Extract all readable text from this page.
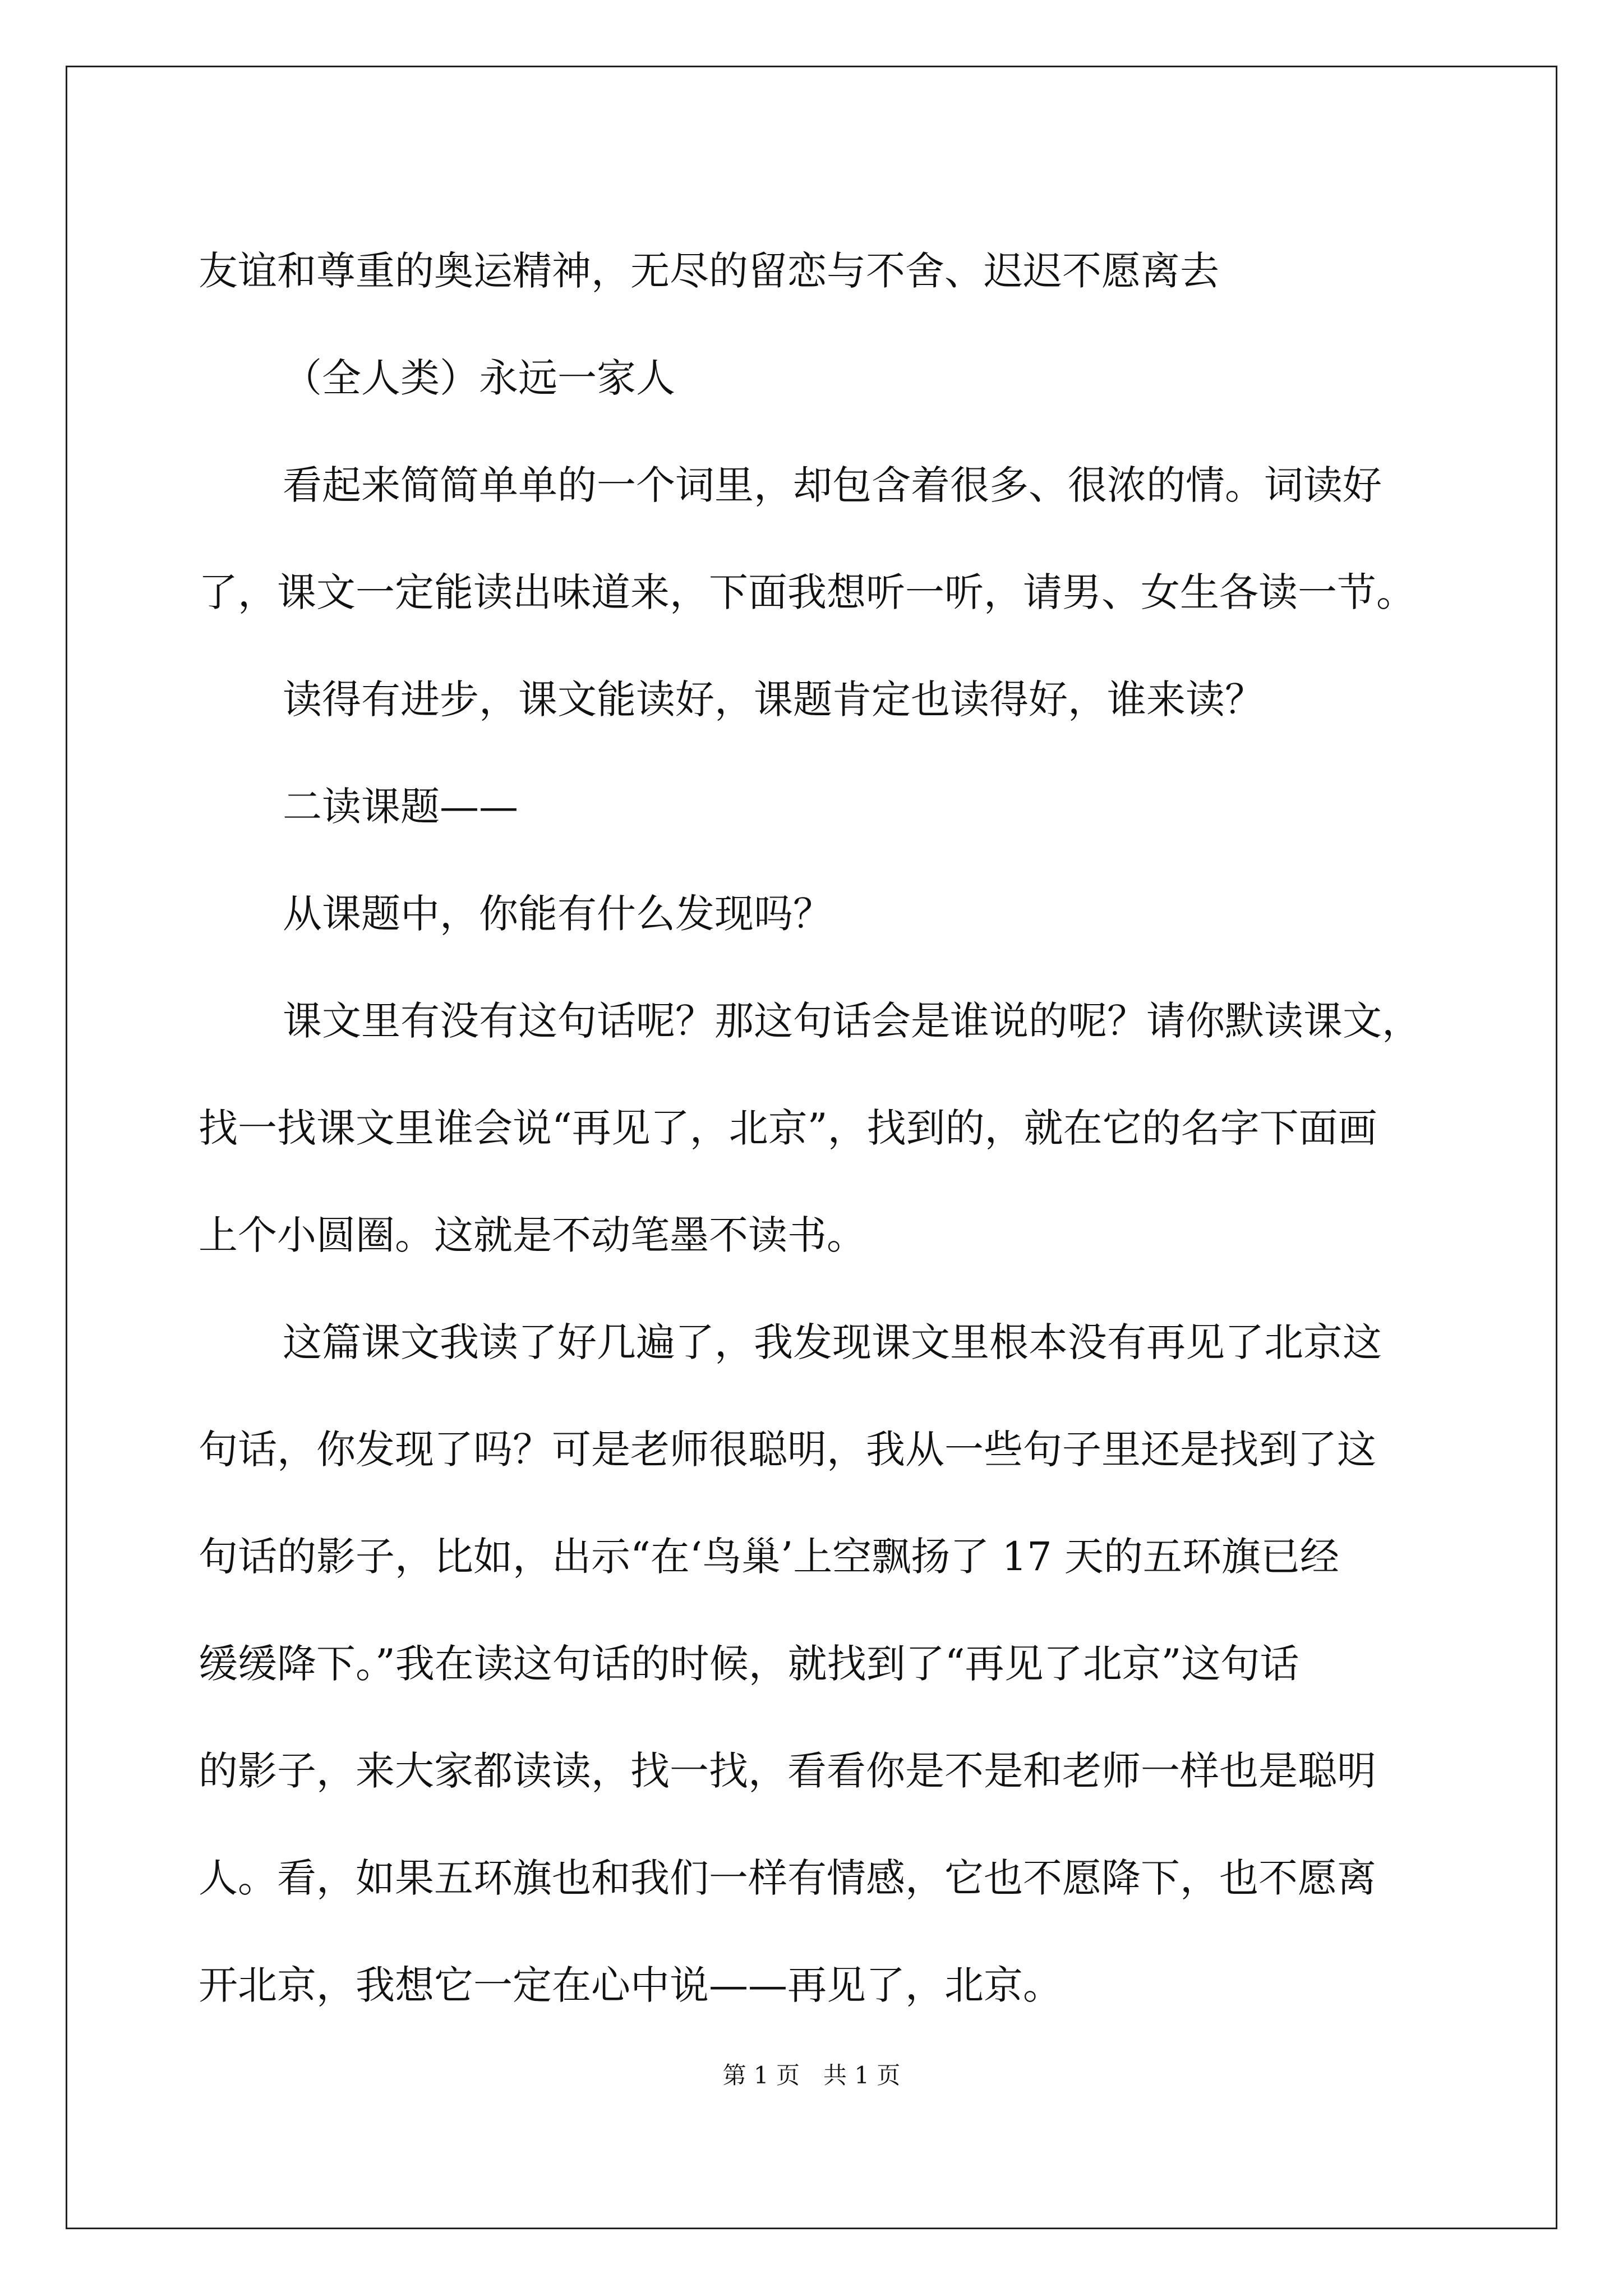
友谊和尊重的奥运精神，无尽的留恋与不舍、迟迟不愿离去
（全人类）永远一家人
看起来简简单单的一个词里，却包含着很多、很浓的情。词读好
了，课文一定能读出味道来，下面我想听一听，请男、女生各读一节。
读得有进步，课文能读好，课题肯定也读得好，谁来读？
二读课题——
从课题中，你能有什么发现吗？
课文里有没有这句话呢？那这句话会是谁说的呢？请你默读课文，
找一找课文里谁会说“再见了，北京”，找到的，就在它的名字下面画
上个小圆圈。这就是不动笔墨不读书。
这篇课文我读了好几遍了，我发现课文里根本没有再见了北京这
句话，你发现了吗？可是老师很聪明，我从一些句子里还是找到了这
句话的影子，比如，出示“在‘鸟巢’上空飘扬了 17 天的五环旗已经
缓缓降下。”我在读这句话的时候，就找到了“再见了北京”这句话
的影子，来大家都读读，找一找，看看你是不是和老师一样也是聪明
人。看，如果五环旗也和我们一样有情感，它也不愿降下，也不愿离
开北京，我想它一定在心中说——再见了，北京。
第 1 页　共 1 页
